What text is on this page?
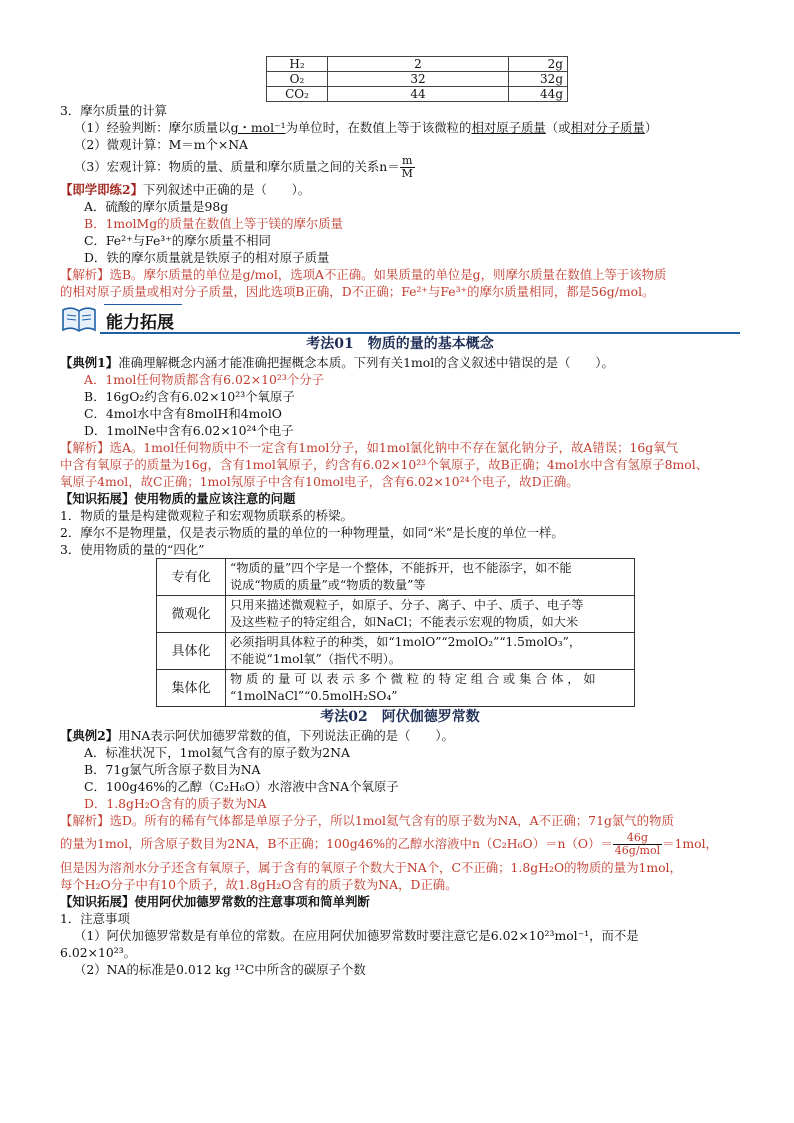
H₂	2	2g
O₂	32	32g
CO₂	44	44g
3．摩尔质量的计算
（1）经验判断：摩尔质量以g・mol⁻¹为单位时，在数值上等于该微粒的相对原子质量（或相对分子质量）
（2）微观计算：M＝m个×NA
（3）宏观计算：物质的量、质量和摩尔质量之间的关系$n= \frac{m}{M}$
【即学即练2】下列叙述中正确的是（　　）。
A．硫酸的摩尔质量是98g
B．1molMg的质量在数值上等于镁的摩尔质量
C．Fe²⁺与Fe³⁺的摩尔质量不相同
D．铁的摩尔质量就是铁原子的相对原子质量
【解析】选B。摩尔质量的单位是g/mol，选项A不正确。如果质量的单位是g，则摩尔质量在数值上等于该物质
的相对原子质量或相对分子质量，因此选项B正确，D不正确；Fe²⁺与Fe³⁺的摩尔质量相同，都是56g/mol。
能力拓展
考法01　物质的量的基本概念
【典例1】准确理解概念内涵才能准确把握概念本质。下列有关1mol的含义叙述中错误的是（　　）。
A．1mol任何物质都含有6.02×10²³个分子
B．16gO₂约含有6.02×10²³个氧原子
C．4mol水中含有8molH和4molO
D．1molNe中含有6.02×10²⁴个电子
【解析】选A。1mol任何物质中不一定含有1mol分子，如1mol氯化钠中不存在氯化钠分子，故A错误；16g氧气
中含有氧原子的质量为16g，含有1mol氧原子，约含有6.02×10²³个氧原子，故B正确；4mol水中含有氢原子8mol、
氧原子4mol，故C正确；1mol氖原子中含有10mol电子，含有6.02×10²⁴个电子，故D正确。
【知识拓展】使用物质的量应该注意的问题
1．物质的量是构建微观粒子和宏观物质联系的桥梁。
2．摩尔不是物理量，仅是表示物质的量的单位的一种物理量，如同“米”是长度的单位一样。
3．使用物质的量的“四化”
专有化	“物质的量”四个字是一个整体，不能拆开，也不能添字，如不能
说成“物质的质量”或“物质的数量”等

微观化	只用来描述微观粒子，如原子、分子、离子、中子、质子、电子等
及这些粒子的特定组合，如NaCl；不能表示宏观的物质，如大米

具体化	必须指明具体粒子的种类，如“1molO”“2molO₂”“1.5molO₃”，
不能说“1mol氧”（指代不明）。

集体化	物 质 的 量 可 以 表 示 多 个 微 粒 的 特 定 组 合 或 集 合 体 ， 如
“1molNaCl”“0.5molH₂SO₄”
考法02　阿伏伽德罗常数
【典例2】用NA表示阿伏加德罗常数的值，下列说法正确的是（　　）。
A．标准状况下，1mol氦气含有的原子数为2NA
B．71g氯气所含原子数目为NA
C．100g46%的乙醇（C₂H₆O）水溶液中含NA个氧原子
D．1.8gH₂O含有的质子数为NA
【解析】选D。所有的稀有气体都是单原子分子，所以1mol氦气含有的原子数为NA，A不正确；71g氯气的物质
的量为1mol，所含原子数目为2NA，B不正确；100g46%的乙醇水溶液中$n(C_2H_6O)=n(O)= \frac{46g}{\text{46g/mol}} =1mol$，
但是因为溶剂水分子还含有氧原子，属于含有的氧原子个数大于NA个，C不正确；1.8gH₂O的物质的量为1mol，
每个H₂O分子中有10个质子，故1.8gH₂O含有的质子数为NA，D正确。
【知识拓展】使用阿伏加德罗常数的注意事项和简单判断
1．注意事项
（1）阿伏加德罗常数是有单位的常数。在应用阿伏加德罗常数时要注意它是6.02×10²³mol⁻¹，而不是
6.02×10²³。
（2）NA的标准是0.012 kg ¹²C中所含的碳原子个数
